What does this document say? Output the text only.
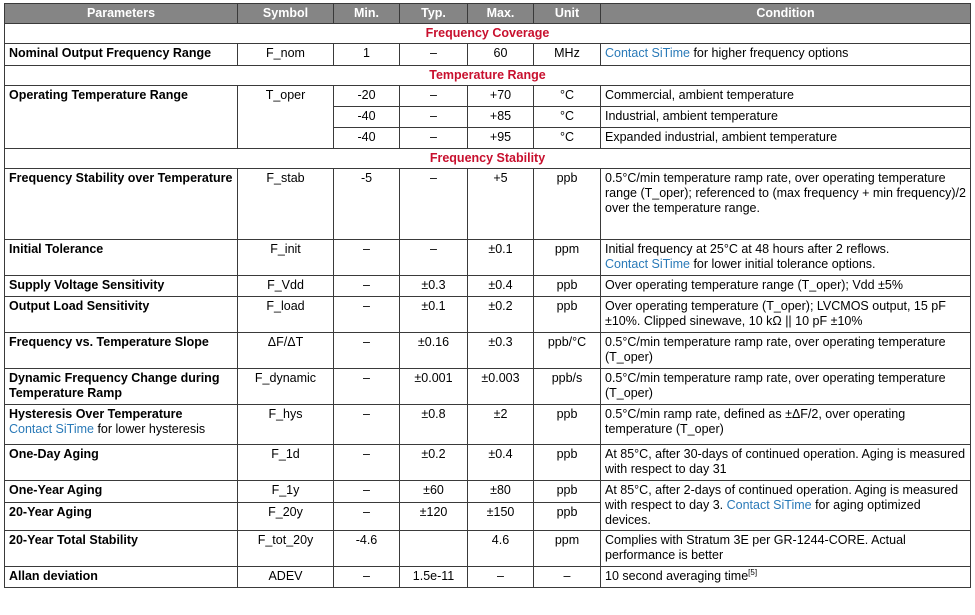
Parameters	Symbol	Min.	Typ.	Max.	Unit	Condition
Frequency Coverage						
Nominal Output Frequency Range	F_nom	1	–	60	MHz	Contact SiTime for higher frequency options
Temperature Range						
Operating Temperature Range	T_oper	-20	–	+70	°C	Commercial, ambient temperature
		-40	–	+85	°C	Industrial, ambient temperature
		-40	–	+95	°C	Expanded industrial, ambient temperature
Frequency Stability						
Frequency Stability over Temperature	F_stab	-5	–	+5	ppb	0.5°C/min temperature ramp rate, over operating temperature range (T_oper); referenced to (max frequency + min frequency)/2 over the temperature range.
Initial Tolerance	F_init	–	–	±0.1	ppm	Initial frequency at 25°C at 48 hours after 2 reflows.
Contact SiTime for lower initial tolerance options.
Supply Voltage Sensitivity	F_Vdd	–	±0.3	±0.4	ppb	Over operating temperature range (T_oper); Vdd ±5%
Output Load Sensitivity	F_load	–	±0.1	±0.2	ppb	Over operating temperature (T_oper); LVCMOS output, 15 pF ±10%. Clipped sinewave, 10 kΩ || 10 pF ±10%
Frequency vs. Temperature Slope	ΔF/ΔT	–	±0.16	±0.3	ppb/°C	0.5°C/min temperature ramp rate, over operating temperature (T_oper)
Dynamic Frequency Change during Temperature Ramp	F_dynamic	–	±0.001	±0.003	ppb/s	0.5°C/min temperature ramp rate, over operating temperature (T_oper)
Hysteresis Over Temperature
Contact SiTime for lower hysteresis	F_hys	–	±0.8	±2	ppb	0.5°C/min ramp rate, defined as ±ΔF/2, over operating temperature (T_oper)
One-Day Aging	F_1d	–	±0.2	±0.4	ppb	At 85°C, after 30-days of continued operation. Aging is measured with respect to day 31
One-Year Aging	F_1y	–	±60	±80	ppb	At 85°C, after 2-days of continued operation. Aging is measured with respect to day 3. Contact SiTime for aging optimized devices.
20-Year Aging	F_20y	–	±120	±150	ppb	
20-Year Total Stability	F_tot_20y	-4.6		4.6	ppm	Complies with Stratum 3E per GR-1244-CORE. Actual performance is better
Allan deviation	ADEV	–	1.5e-11	–	–	10 second averaging time[5]
